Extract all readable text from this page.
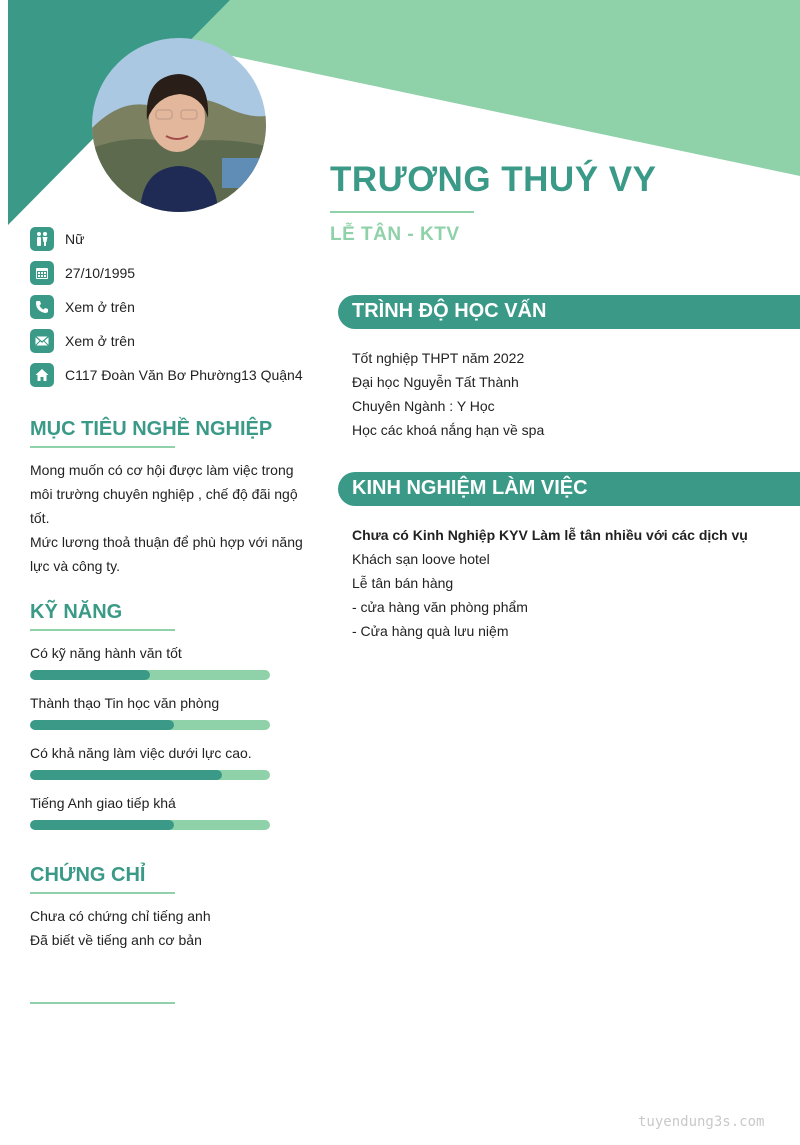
TRƯƠNG THUÝ VY
LỄ TÂN - KTV
Nữ
27/10/1995
Xem ở trên
Xem ở trên
C117 Đoàn Văn Bơ Phường13 Quận4
MỤC TIÊU NGHỀ NGHIỆP
Mong muốn có cơ hội được làm việc trong
môi trường chuyên nghiệp , chế độ đãi ngộ
tốt.
Mức lương thoả thuận để phù hợp với năng
lực và công ty.
KỸ NĂNG
Có kỹ năng hành văn tốt
Thành thạo Tin học văn phòng
Có khả năng làm việc dưới lực cao.
Tiếng Anh giao tiếp khá
CHỨNG CHỈ
Chưa có chứng chỉ tiếng anh
Đã biết về tiếng anh cơ bản
TRÌNH ĐỘ HỌC VẤN
Tốt nghiệp THPT năm 2022
Đại học Nguyễn Tất Thành
Chuyên Ngành : Y Học
Học các khoá nắng hạn về spa
KINH NGHIỆM LÀM VIỆC
Chưa có Kinh Nghiệp KYV Làm lễ tân nhiều với các dịch vụ
Khách sạn loove hotel
Lễ tân bán hàng
- cửa hàng văn phòng phẩm
- Cửa hàng quà lưu niệm
tuyendung3s.com
